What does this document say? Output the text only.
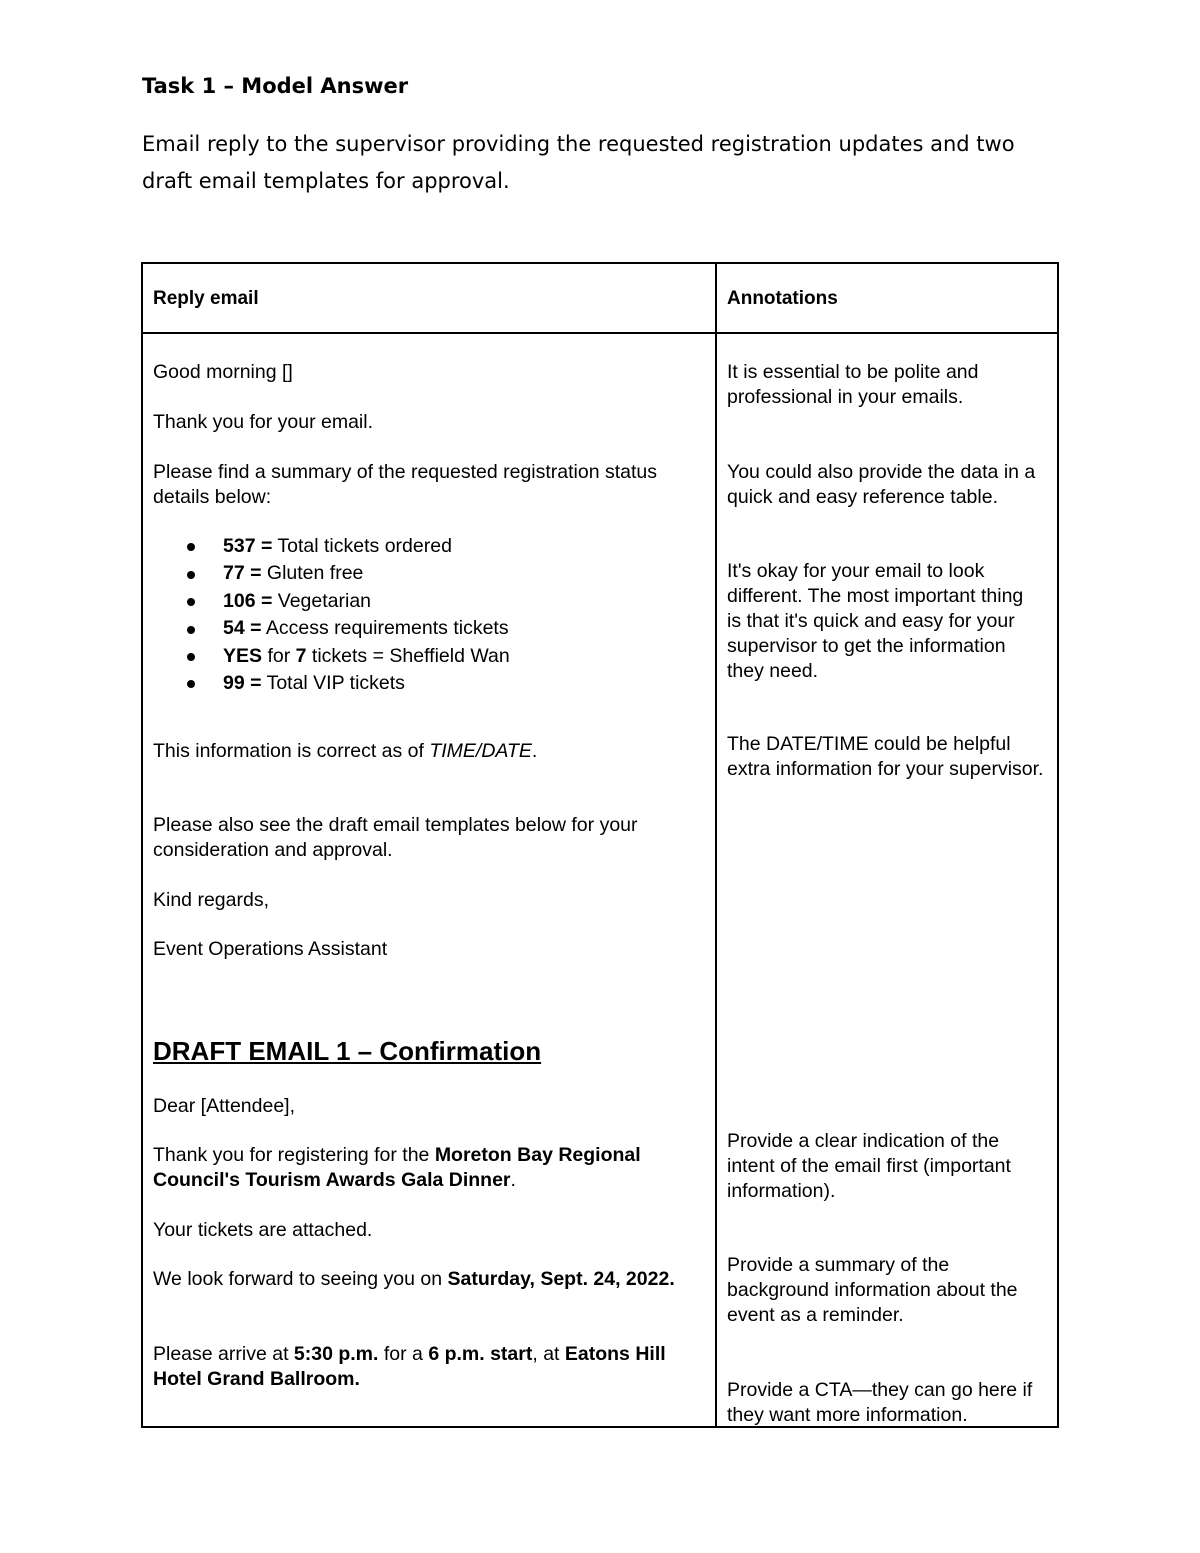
Task 1 – Model Answer
Email reply to the supervisor providing the requested registration updates and two draft email templates for approval.
Reply email	Annotations
Good morning []
Thank you for your email.
Please find a summary of the requested registration status details below:
537 = Total tickets ordered
77 = Gluten free
106 = Vegetarian
54 = Access requirements tickets
YES for 7 tickets = Sheffield Wan
99 = Total VIP tickets
This information is correct as of TIME/DATE.
Please also see the draft email templates below for your consideration and approval.
Kind regards,
Event Operations Assistant
DRAFT EMAIL 1 – Confirmation
Dear [Attendee],
Thank you for registering for the Moreton Bay Regional Council's Tourism Awards Gala Dinner.
Your tickets are attached.
We look forward to seeing you on Saturday, Sept. 24, 2022.
Please arrive at 5:30 p.m. for a 6 p.m. start, at Eatons Hill Hotel Grand Ballroom.
It is essential to be polite and professional in your emails.
You could also provide the data in a quick and easy reference table.
It's okay for your email to look different. The most important thing is that it's quick and easy for your supervisor to get the information they need.
The DATE/TIME could be helpful extra information for your supervisor.
Provide a clear indication of the intent of the email first (important information).
Provide a summary of the background information about the event as a reminder.
Provide a CTA—they can go here if they want more information.
